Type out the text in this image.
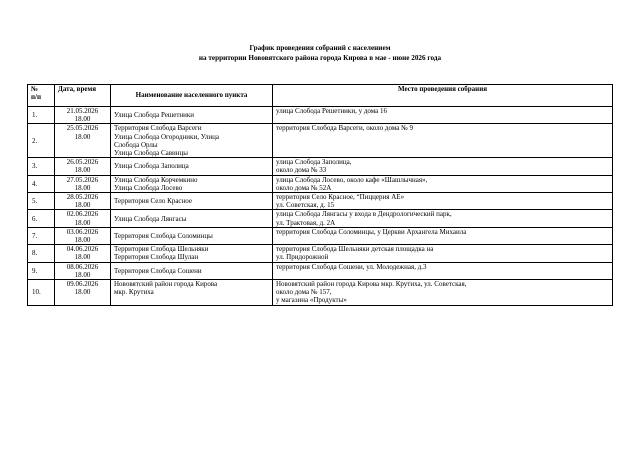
График проведения собраний с населением
на территории Нововятского района города Кирова в мае - июне 2026 года
№
п/п	Дата, время	Наименование населенного пункта	Место проведения собрания
1.	21.05.2026
18.00	Улица Слобода Решетники	улица Слобода Решетники, у дома 16

2.	25.05.2026
18.00	Территория Слобода Варсеги
Улица Слобода Огородники, Улица
Слобода Орлы
Улица Слобода Савинцы	территория Слобода Варсеги, около дома № 9

3.	26.05.2026
18.00	Улица Слобода Заполица	улица Слобода Заполица,
около дома № 33

4.	27.05.2026
18.00	Улица Слобода Корчемкино
Улица Слобода Лосево	улица Слобода Лосево, около кафе «Шашлычная»,
около дома № 52А

5.	28.05.2026
18.00	Территория Село Красное	территория Село Красное, “Пиццерия АЕ»
ул. Советская, д. 15

6.	02.06.2026
18.00	Улица Слобода Лянгасы	улица Слобода Лянгасы у входа в Дендрологический парк,
ул. Трактовая, д. 2А

7.	03.06.2026
18.00	Территория Слобода Соломинцы	территория Слобода Соломинцы, у Церкви Архангела Михаила

8.	04.06.2026
18.00	Территория Слобода Шельняки
Территория Слобода Шулан	территория Слобода Шельняки детская площадка на
ул. Придорожной

9.	08.06.2026
18.00	Территория Слобода Сошени	территория Слобода Сошени, ул. Молодежная, д.3

10.	09.06.2026
18.00	Нововятский район города Кирова
мкр. Крутиха	Нововятский район города Кирова мкр. Крутиха, ул. Советская,
около дома № 157,
у магазина «Продукты»
